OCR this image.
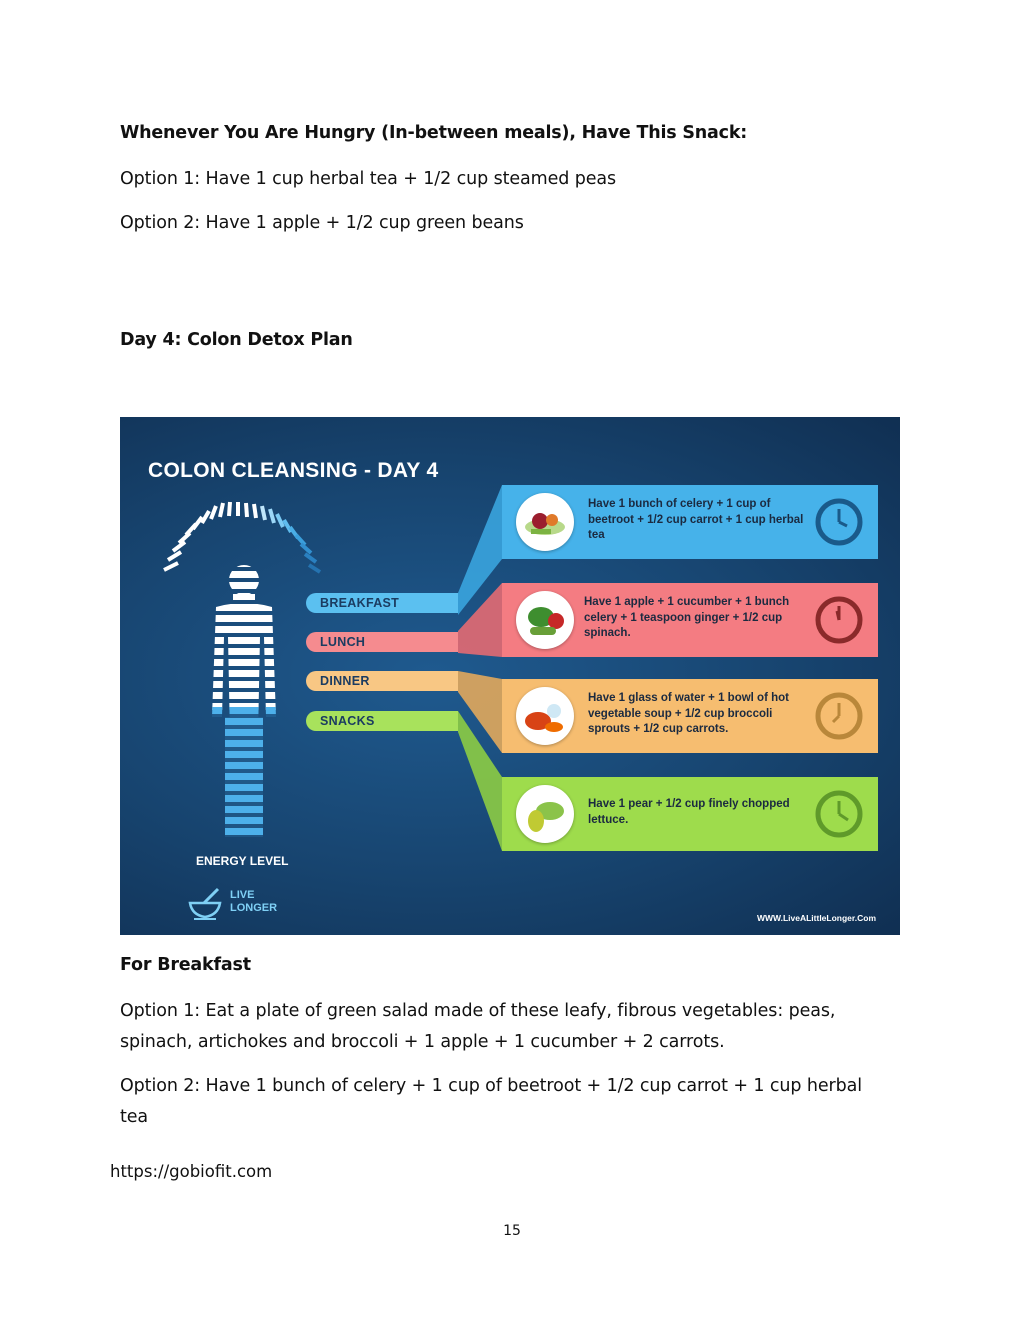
Whenever You Are Hungry (In-between meals), Have This Snack:
Option 1: Have 1 cup herbal tea + 1/2 cup steamed peas
Option 2: Have 1 apple + 1/2 cup green beans
Day 4: Colon Detox Plan
COLON CLEANSING - DAY 4
BREAKFAST
LUNCH
DINNER
SNACKS
Have 1 bunch of celery + 1 cup of beetroot + 1/2 cup carrot + 1 cup herbal tea
Have 1 apple + 1 cucumber + 1 bunch celery + 1 teaspoon ginger + 1/2 cup spinach.
Have 1 glass of water + 1 bowl of hot vegetable soup + 1/2 cup broccoli sprouts + 1/2 cup carrots.
Have 1 pear + 1/2 cup finely chopped lettuce.
ENERGY LEVEL
LIVE
LONGER
WWW.LiveALittleLonger.Com
For Breakfast
Option 1: Eat a plate of green salad made of these leafy, fibrous vegetables: peas, spinach, artichokes and broccoli + 1 apple + 1 cucumber + 2 carrots.
Option 2: Have 1 bunch of celery + 1 cup of beetroot + 1/2 cup carrot + 1 cup herbal tea
https://gobiofit.com
15
